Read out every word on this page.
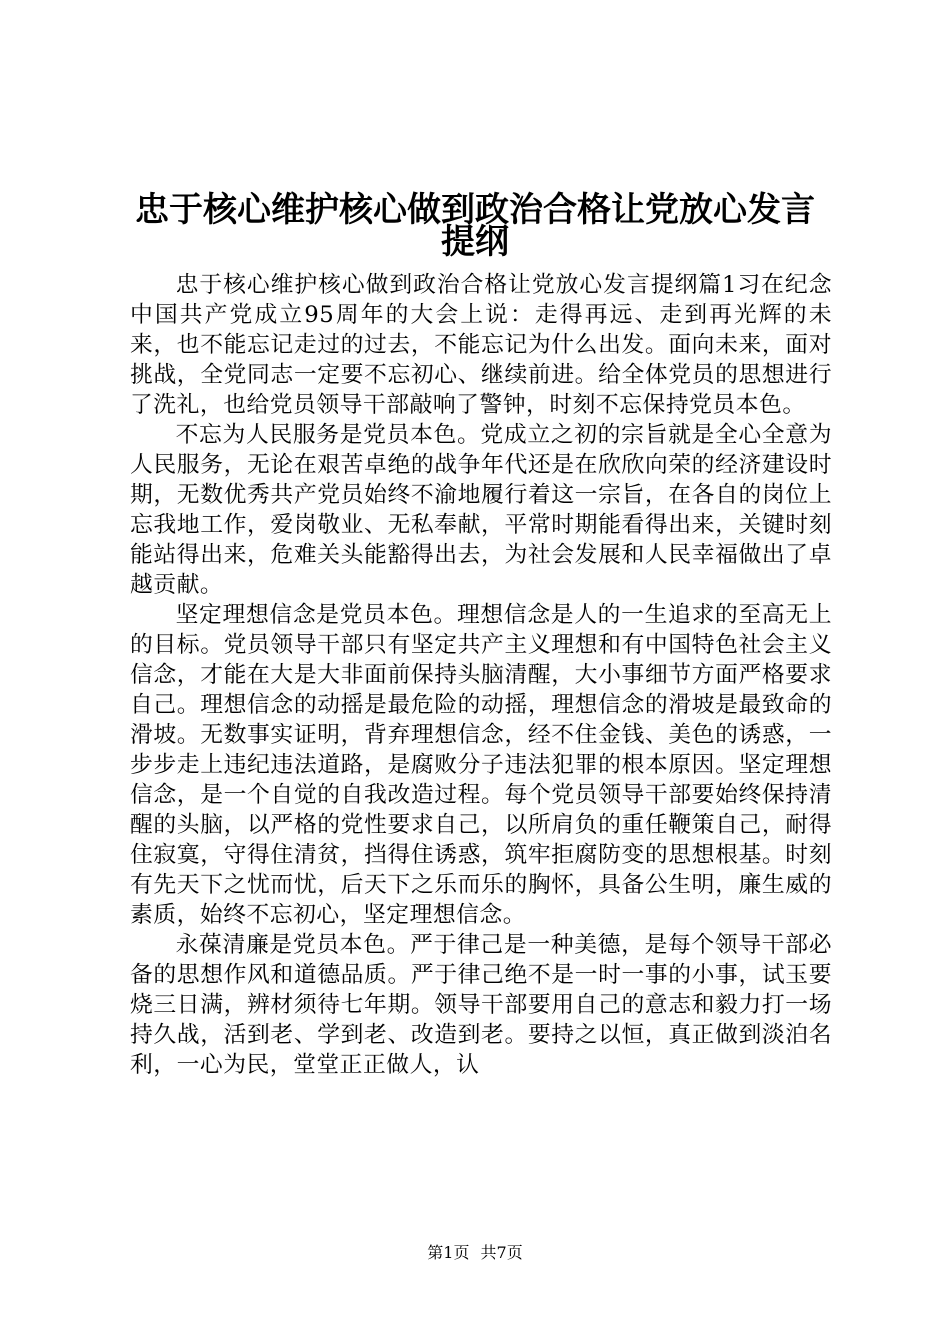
忠于核心维护核心做到政治合格让党放心发言
提纲

忠于核心维护核心做到政治合格让党放心发言提纲篇1习在纪念中国共产党成立95周年的大会上说：走得再远、走到再光辉的未来，也不能忘记走过的过去，不能忘记为什么出发。面向未来，面对挑战，全党同志一定要不忘初心、继续前进。给全体党员的思想进行了洗礼，也给党员领导干部敲响了警钟，时刻不忘保持党员本色。

不忘为人民服务是党员本色。党成立之初的宗旨就是全心全意为人民服务，无论在艰苦卓绝的战争年代还是在欣欣向荣的经济建设时期，无数优秀共产党员始终不渝地履行着这一宗旨，在各自的岗位上忘我地工作，爱岗敬业、无私奉献，平常时期能看得出来，关键时刻能站得出来，危难关头能豁得出去，为社会发展和人民幸福做出了卓越贡献。

坚定理想信念是党员本色。理想信念是人的一生追求的至高无上的目标。党员领导干部只有坚定共产主义理想和有中国特色社会主义信念，才能在大是大非面前保持头脑清醒，大小事细节方面严格要求自己。理想信念的动摇是最危险的动摇，理想信念的滑坡是最致命的滑坡。无数事实证明，背弃理想信念，经不住金钱、美色的诱惑，一步步走上违纪违法道路，是腐败分子违法犯罪的根本原因。坚定理想信念，是一个自觉的自我改造过程。每个党员领导干部要始终保持清醒的头脑，以严格的党性要求自己，以所肩负的重任鞭策自己，耐得住寂寞，守得住清贫，挡得住诱惑，筑牢拒腐防变的思想根基。时刻有先天下之忧而忧，后天下之乐而乐的胸怀，具备公生明，廉生威的素质，始终不忘初心，坚定理想信念。

永葆清廉是党员本色。严于律己是一种美德，是每个领导干部必备的思想作风和道德品质。严于律己绝不是一时一事的小事，试玉要烧三日满，辨材须待七年期。领导干部要用自己的意志和毅力打一场持久战，活到老、学到老、改造到老。要持之以恒，真正做到淡泊名利，一心为民，堂堂正正做人，认

第1页 共7页
